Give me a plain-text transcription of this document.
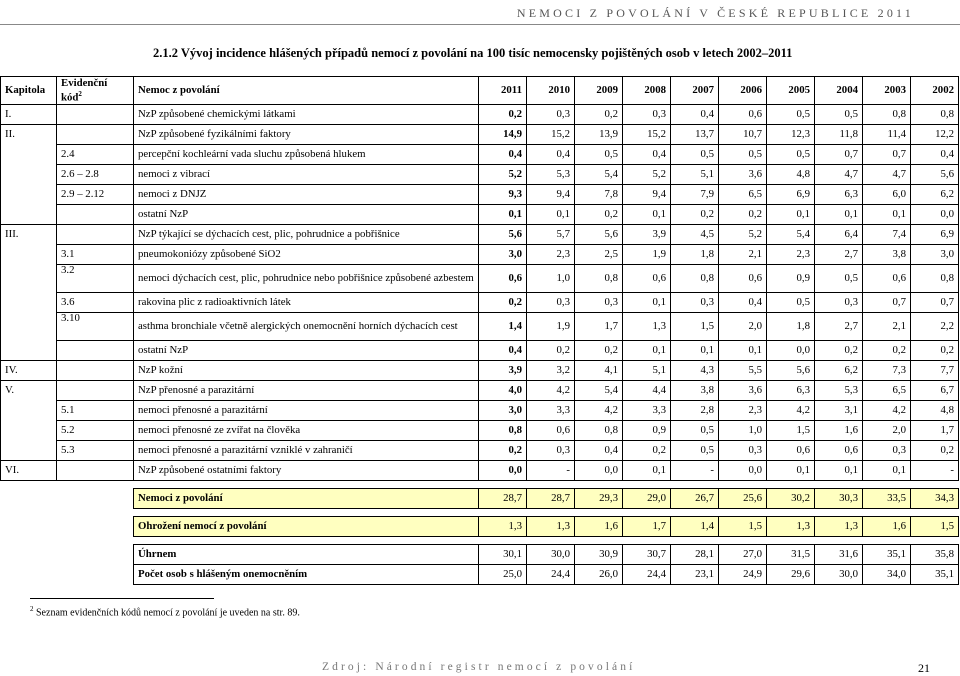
NEMOCI Z POVOLÁNÍ V ČESKÉ REPUBLICE 2011
2.1.2 Vývoj incidence hlášených případů nemocí z povolání na 100 tisíc nemocensky pojištěných osob v letech 2002–2011
Kapitola	Evidenční kód$^2$	Nemoc z povolání	2011	2010	2009	2008	2007	2006	2005	2004	2003	2002
I.		NzP způsobené chemickými látkami	0,2	0,3	0,2	0,3	0,4	0,6	0,5	0,5	0,8	0,8
II.		NzP způsobené fyzikálními faktory	14,9	15,2	13,9	15,2	13,7	10,7	12,3	11,8	11,4	12,2
	2.4	percepční kochleární vada sluchu způsobená hlukem	0,4	0,4	0,5	0,4	0,5	0,5	0,5	0,7	0,7	0,4
	2.6 – 2.8	nemoci z vibrací	5,2	5,3	5,4	5,2	5,1	3,6	4,8	4,7	4,7	5,6
	2.9 – 2.12	nemoci z DNJZ	9,3	9,4	7,8	9,4	7,9	6,5	6,9	6,3	6,0	6,2
		ostatní NzP	0,1	0,1	0,2	0,1	0,2	0,2	0,1	0,1	0,1	0,0
III.		NzP týkající se dýchacích cest, plic, pohrudnice a pobřišnice	5,6	5,7	5,6	3,9	4,5	5,2	5,4	6,4	7,4	6,9
	3.1	pneumokoniózy způsobené SiO2	3,0	2,3	2,5	1,9	1,8	2,1	2,3	2,7	3,8	3,0
	3.2	nemoci dýchacích cest, plic, pohrudnice nebo pobřišnice způsobené azbestem	0,6	1,0	0,8	0,6	0,8	0,6	0,9	0,5	0,6	0,8
	3.6	rakovina plic z radioaktivních látek	0,2	0,3	0,3	0,1	0,3	0,4	0,5	0,3	0,7	0,7
	3.10	asthma bronchiale včetně alergických onemocnění horních dýchacích cest	1,4	1,9	1,7	1,3	1,5	2,0	1,8	2,7	2,1	2,2
		ostatní NzP	0,4	0,2	0,2	0,1	0,1	0,1	0,0	0,2	0,2	0,2
IV.		NzP kožní	3,9	3,2	4,1	5,1	4,3	5,5	5,6	6,2	7,3	7,7
V.		NzP přenosné a parazitární	4,0	4,2	5,4	4,4	3,8	3,6	6,3	5,3	6,5	6,7
	5.1	nemoci přenosné a parazitární	3,0	3,3	4,2	3,3	2,8	2,3	4,2	3,1	4,2	4,8
	5.2	nemoci přenosné ze zvířat na člověka	0,8	0,6	0,8	0,9	0,5	1,0	1,5	1,6	2,0	1,7
	5.3	nemoci přenosné a parazitární vzniklé v zahraničí	0,2	0,3	0,4	0,2	0,5	0,3	0,6	0,6	0,3	0,2
VI.		NzP způsobené ostatními faktory	0,0	-	0,0	0,1	-	0,0	0,1	0,1	0,1	-

		Nemoci z povolání	28,7	28,7	29,3	29,0	26,7	25,6	30,2	30,3	33,5	34,3

		Ohrožení nemocí z povolání	1,3	1,3	1,6	1,7	1,4	1,5	1,3	1,3	1,6	1,5

		Úhrnem	30,1	30,0	30,9	30,7	28,1	27,0	31,5	31,6	35,1	35,8
		Počet osob s hlášeným onemocněním	25,0	24,4	26,0	24,4	23,1	24,9	29,6	30,0	34,0	35,1
$^2$ Seznam evidenčních kódů nemocí z povolání je uveden na str. 89.
Zdroj: Národní registr nemocí z povolání	21
